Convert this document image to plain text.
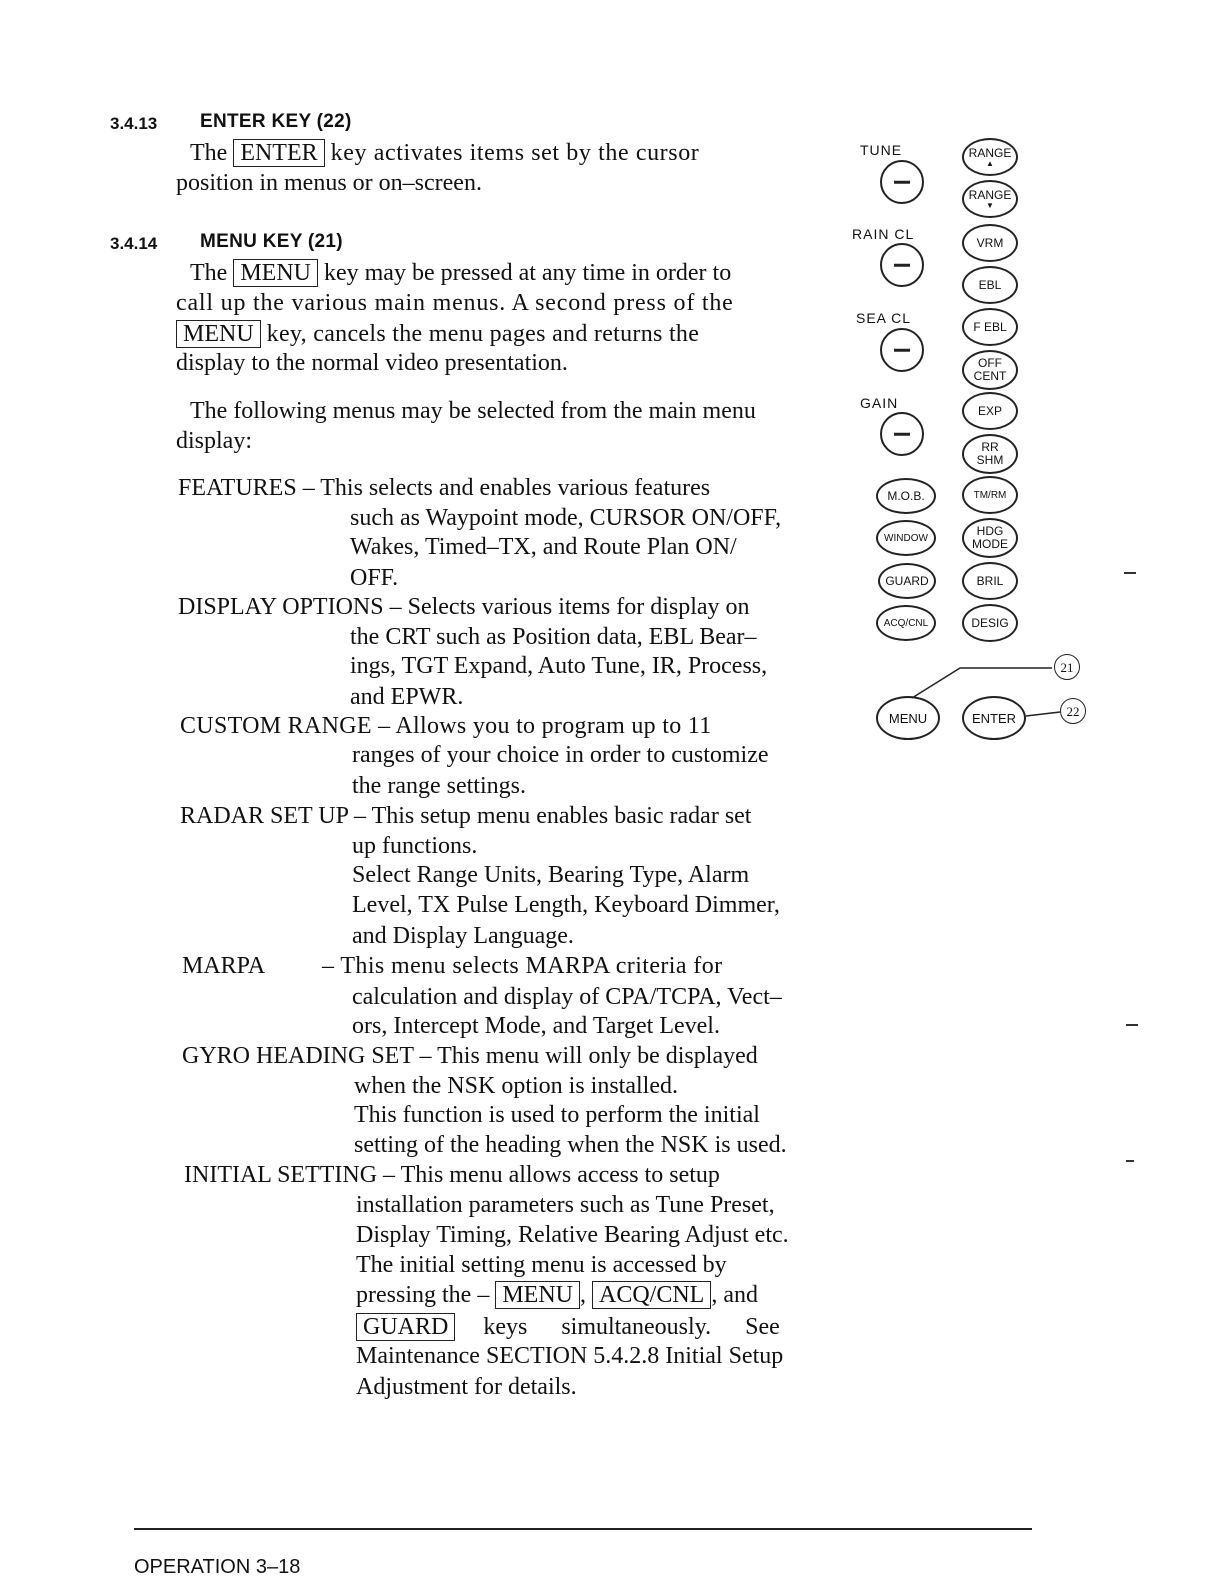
3.4.13 ENTER KEY (22)
The ENTER key activates items set by the cursor
position in menus or on–screen.
3.4.14 MENU KEY (21)
The MENU key may be pressed at any time in order to
call up the various main menus. A second press of the
MENU key, cancels the menu pages and returns the
display to the normal video presentation.
The following menus may be selected from the main menu
display:
FEATURES – This selects and enables various features
such as Waypoint mode, CURSOR ON/OFF,
Wakes, Timed–TX, and Route Plan ON/
OFF.
DISPLAY OPTIONS – Selects various items for display on
the CRT such as Position data, EBL Bear–
ings, TGT Expand, Auto Tune, IR, Process,
and EPWR.
CUSTOM RANGE – Allows you to program up to 11
ranges of your choice in order to customize
the range settings.
RADAR SET UP – This setup menu enables basic radar set
up functions.
Select Range Units, Bearing Type, Alarm
Level, TX Pulse Length, Keyboard Dimmer,
and Display Language.
MARPA – This menu selects MARPA criteria for
calculation and display of CPA/TCPA, Vect–
ors, Intercept Mode, and Target Level.
GYRO HEADING SET – This menu will only be displayed
when the NSK option is installed.
This function is used to perform the initial
setting of the heading when the NSK is used.
INITIAL SETTING – This menu allows access to setup
installation parameters such as Tune Preset,
Display Timing, Relative Bearing Adjust etc.
The initial setting menu is accessed by
pressing the – MENU , ACQ/CNL , and
GUARD keys simultaneously. See
Maintenance SECTION 5.4.2.8 Initial Setup
Adjustment for details.
TUNE
RAIN CL
SEA CL
GAIN
M.O.B.
WINDOW
GUARD
ACQ/CNL
RANGE
▲
RANGE
▼
VRM
EBL
F EBL
OFF
CENT
EXP
RR
SHM
TM/RM
HDG
MODE
BRIL
DESIG
MENU	ENTER
21
22
OPERATION 3–18
